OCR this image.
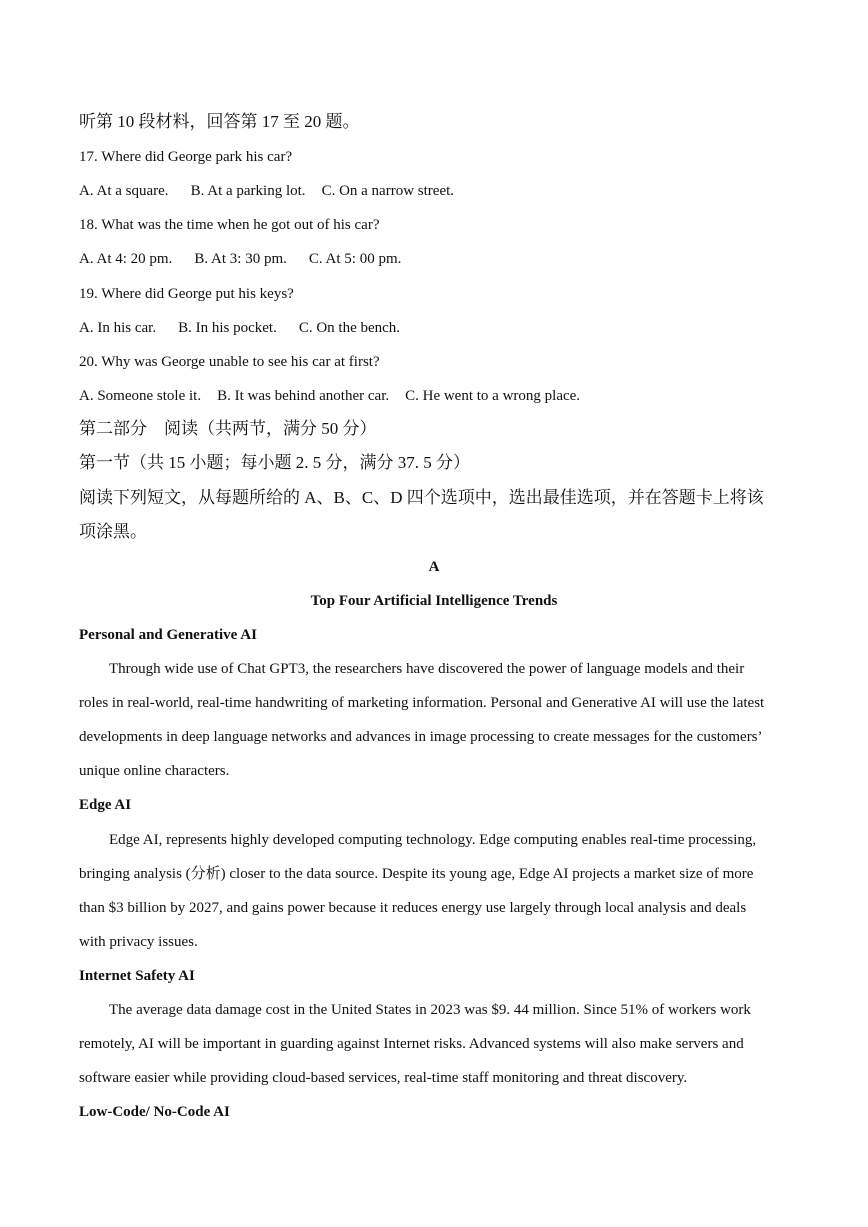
听第 10 段材料，回答第 17 至 20 题。
17. Where did George park his car?
A. At a square. B. At a parking lot. C. On a narrow street.
18. What was the time when he got out of his car?
A. At 4: 20 pm. B. At 3: 30 pm. C. At 5: 00 pm.
19. Where did George put his keys?
A. In his car. B. In his pocket. C. On the bench.
20. Why was George unable to see his car at first?
A. Someone stole it. B. It was behind another car. C. He went to a wrong place.
第二部分　阅读（共两节，满分 50 分）
第一节（共 15 小题；每小题 2. 5 分，满分 37. 5 分）
阅读下列短文，从每题所给的 A、B、C、D 四个选项中，选出最佳选项，并在答题卡上将该
项涂黑。
A
Top Four Artificial Intelligence Trends
Personal and Generative AI
Through wide use of Chat GPT3, the researchers have discovered the power of language models and their
roles in real-world, real-time handwriting of marketing information. Personal and Generative AI will use the latest
developments in deep language networks and advances in image processing to create messages for the customers’
unique online characters.
Edge AI
Edge AI, represents highly developed computing technology. Edge computing enables real-time processing,
bringing analysis (分析) closer to the data source. Despite its young age, Edge AI projects a market size of more
than $3 billion by 2027, and gains power because it reduces energy use largely through local analysis and deals
with privacy issues.
Internet Safety AI
The average data damage cost in the United States in 2023 was $9. 44 million. Since 51% of workers work
remotely, AI will be important in guarding against Internet risks. Advanced systems will also make servers and
software easier while providing cloud-based services, real-time staff monitoring and threat discovery.
Low-Code/ No-Code AI
